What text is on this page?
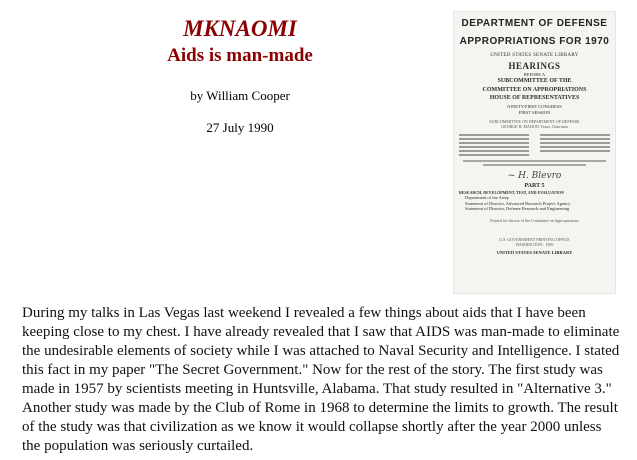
MKNAOMI
Aids is man-made
by William Cooper
27 July 1990
DEPARTMENT OF DEFENSE
APPROPRIATIONS FOR 1970
UNITED STATES SENATE LIBRARY
HEARINGS
BEFORE A
SUBCOMMITTEE OF THE
COMMITTEE ON APPROPRIATIONS
HOUSE OF REPRESENTATIVES
NINETY-FIRST CONGRESS
FIRST SESSION
SUBCOMMITTEE ON DEPARTMENT OF DEFENSE
GEORGE H. MAHON, Texas, Chairman
~ H. Blevro
PART 5
RESEARCH, DEVELOPMENT, TEST, AND EVALUATION
Department of the Army
Statement of Director, Advanced Research Project Agency
Statement of Director, Defense Research and Engineering
Printed for the use of the Committee on Appropriations
U.S. GOVERNMENT PRINTING OFFICE
WASHINGTON : 1969
UNITED STATES SENATE LIBRARY

During my talks in Las Vegas last weekend I revealed a few things about aids that I have been keeping close to my chest. I have already revealed that I saw that AIDS was man-made to eliminate the undesirable elements of society while I was attached to Naval Security and Intelligence. I stated this fact in my paper "The Secret Government." Now for the rest of the story. The first study was made in 1957 by scientists meeting in Huntsville, Alabama. That study resulted in "Alternative 3." Another study was made by the Club of Rome in 1968 to determine the limits to growth. The result of the study was that civilization as we know it would collapse shortly after the year 2000 unless the population was seriously curtailed.
